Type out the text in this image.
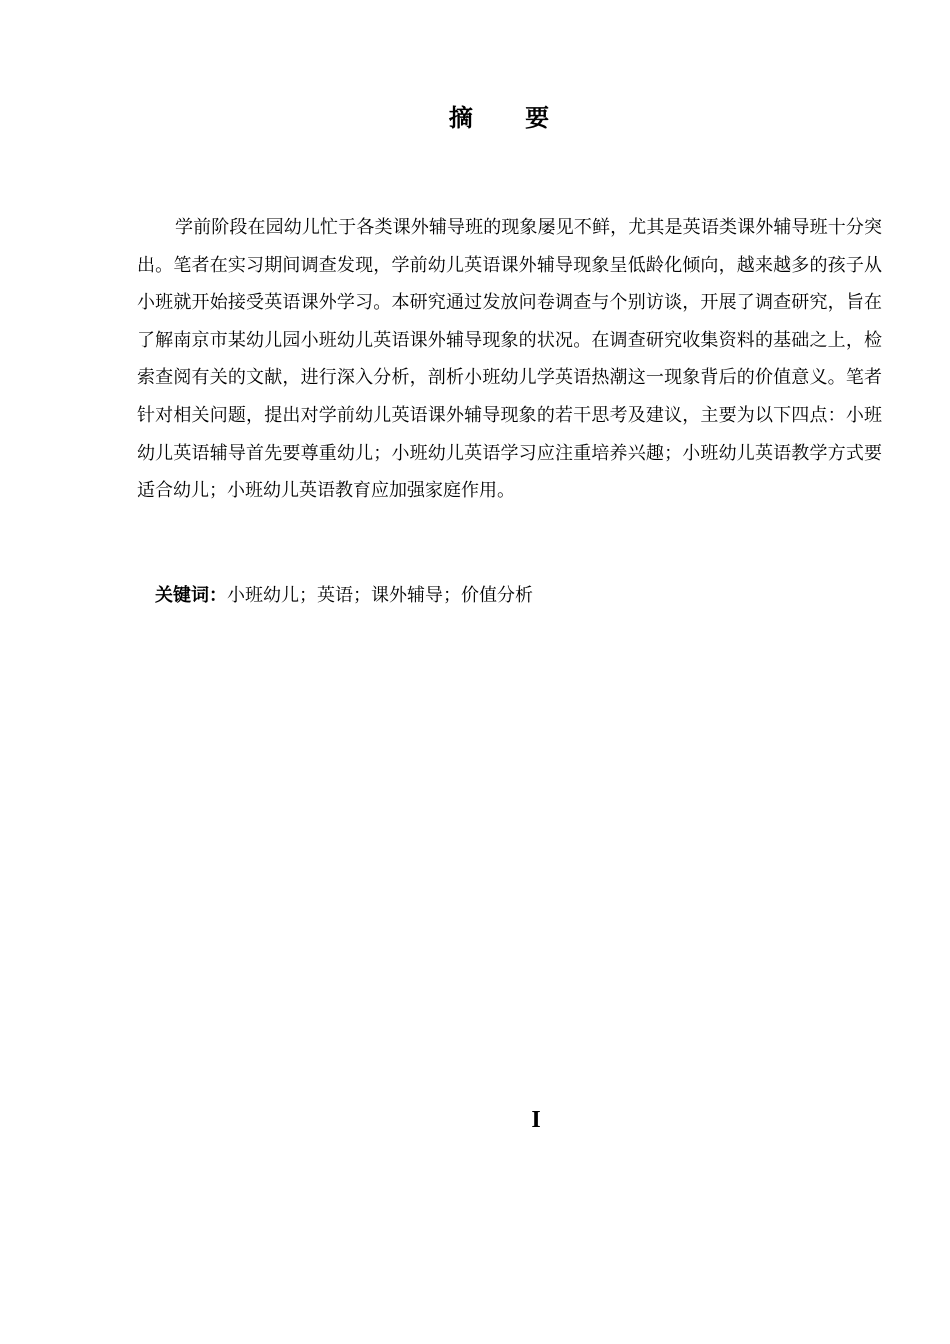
摘 要

学前阶段在园幼儿忙于各类课外辅导班的现象屡见不鲜，尤其是英语类课外辅导班十分突出。笔者在实习期间调查发现，学前幼儿英语课外辅导现象呈低龄化倾向，越来越多的孩子从小班就开始接受英语课外学习。本研究通过发放问卷调查与个别访谈，开展了调查研究，旨在了解南京市某幼儿园小班幼儿英语课外辅导现象的状况。在调查研究收集资料的基础之上，检索查阅有关的文献，进行深入分析，剖析小班幼儿学英语热潮这一现象背后的价值意义。笔者针对相关问题，提出对学前幼儿英语课外辅导现象的若干思考及建议，主要为以下四点：小班幼儿英语辅导首先要尊重幼儿；小班幼儿英语学习应注重培养兴趣；小班幼儿英语教学方式要适合幼儿；小班幼儿英语教育应加强家庭作用。

关键词：小班幼儿；英语；课外辅导；价值分析

I
